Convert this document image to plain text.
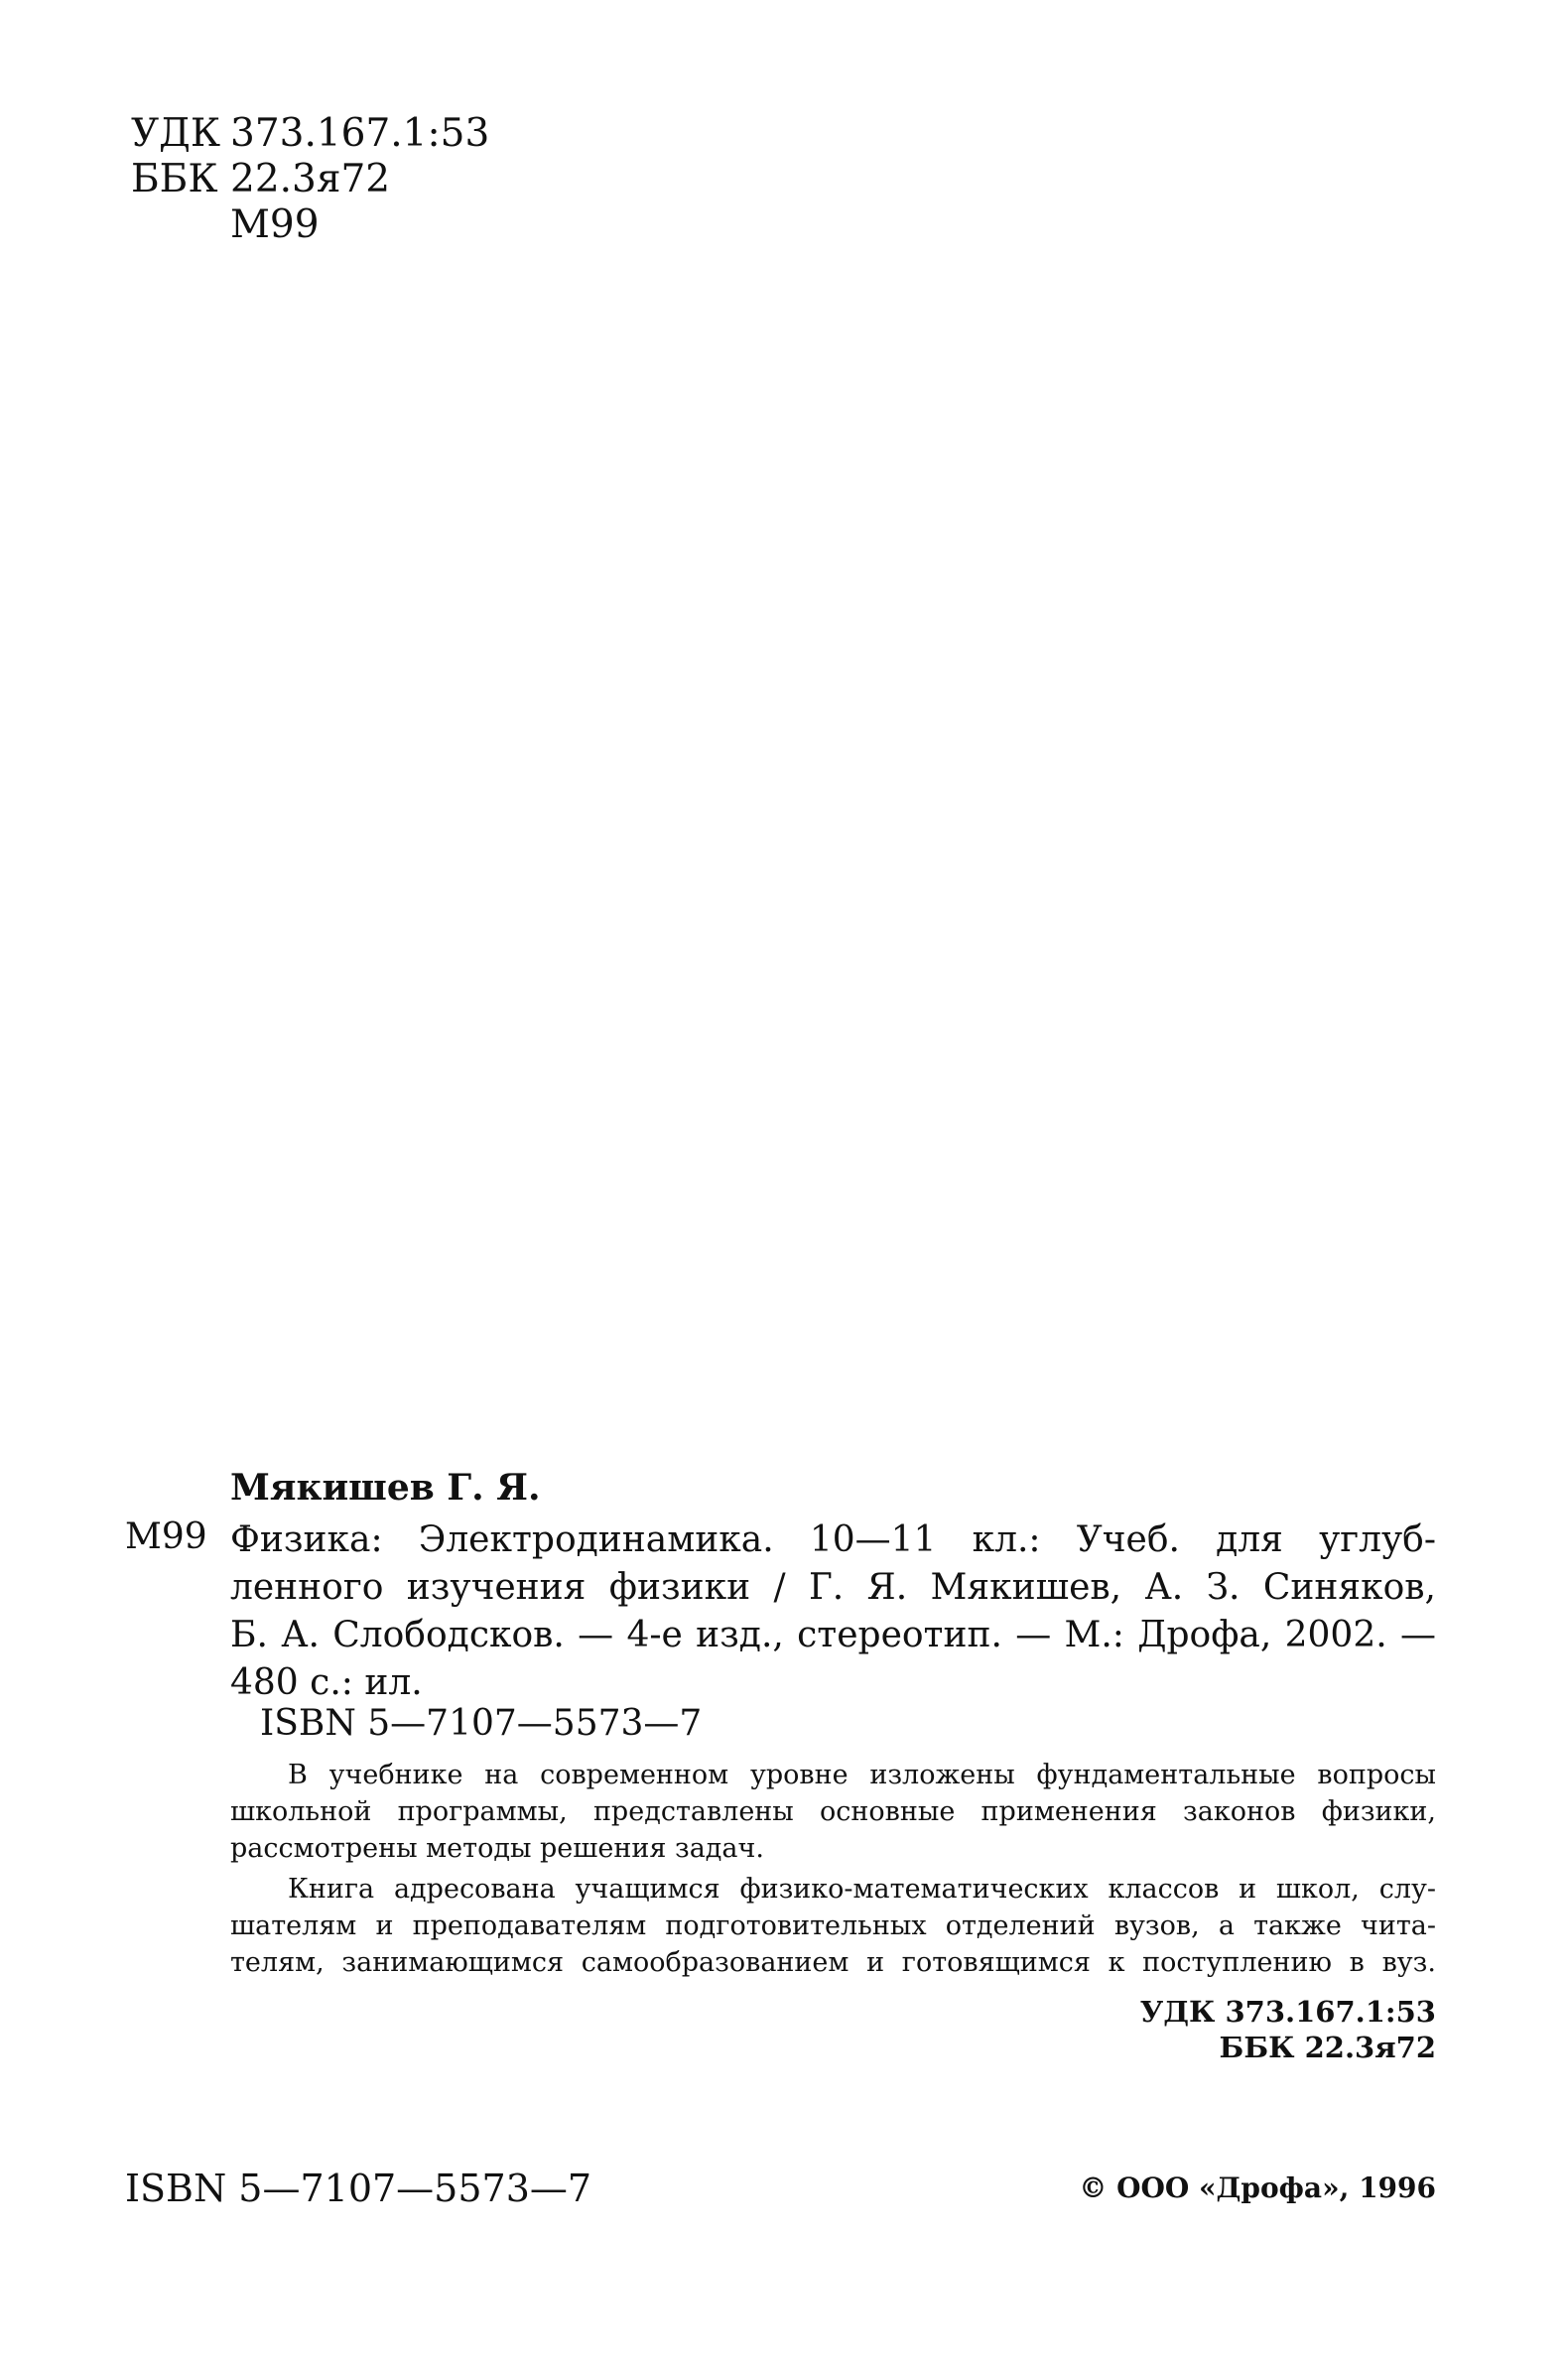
УДК 373.167.1:53
ББК 22.3я72
М99
Мякишев Г. Я.
М99 Физика: Электродинамика. 10—11 кл.: Учеб. для углуб-
ленного изучения физики / Г. Я. Мякишев, А. З. Синяков,
Б. А. Слободсков. — 4-е изд., стереотип. — М.: Дрофа, 2002. —
480 с.: ил.
ISBN 5—7107—5573—7

В учебнике на современном уровне изложены фундаментальные вопросы
школьной программы, представлены основные применения законов физики,
рассмотрены методы решения задач.

Книга адресована учащимся физико-математических классов и школ, слу-
шателям и преподавателям подготовительных отделений вузов, а также чита-
телям, занимающимся самообразованием и готовящимся к поступлению в вуз.

УДК 373.167.1:53
ББК 22.3я72
ISBN 5—7107—5573—7	© ООО «Дрофа», 1996
